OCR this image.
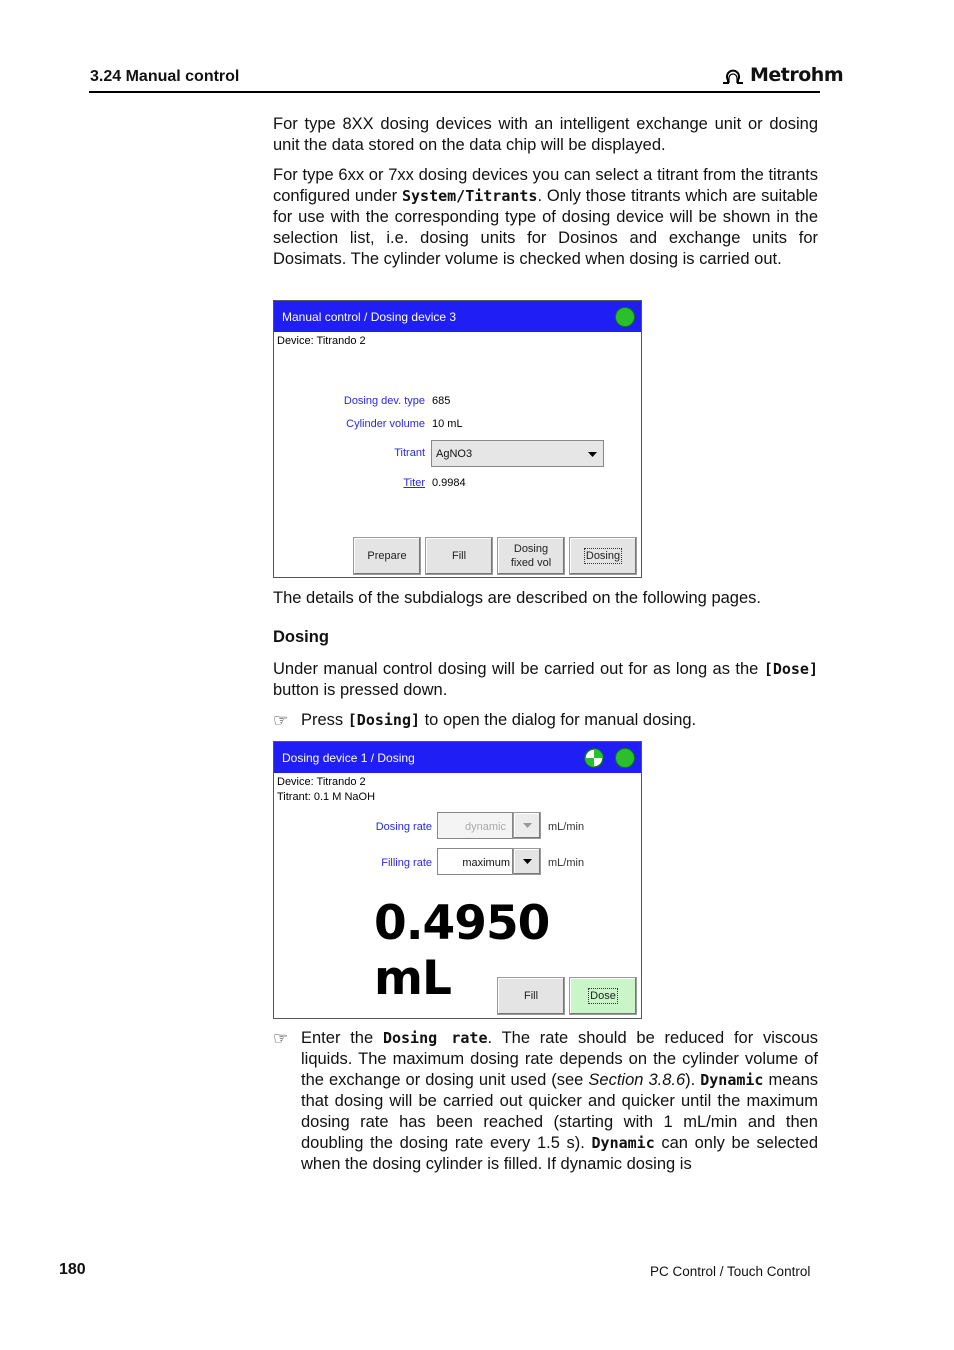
3.24 Manual control	Metrohm
For type 8XX dosing devices with an intelligent exchange unit or dosing unit the data stored on the data chip will be displayed.
For type 6xx or 7xx dosing devices you can select a titrant from the titrants configured under System/Titrants. Only those titrants which are suitable for use with the corresponding type of dosing device will be shown in the selection list, i.e. dosing units for Dosinos and exchange units for Dosimats. The cylinder volume is checked when dosing is carried out.
Manual control / Dosing device 3
Device: Titrando 2
Dosing dev. type 685
Cylinder volume 10 mL
Titrant AgNO3
Titer 0.9984
Prepare	Fill
Dosing
fixed vol
Dosing
The details of the subdialogs are described on the following pages.
Dosing
Under manual control dosing will be carried out for as long as the [Dose] button is pressed down.
☞ Press [Dosing] to open the dialog for manual dosing.
Dosing device 1 / Dosing
Device: Titrando 2
Titrant: 0.1 M NaOH
Dosing rate	dynamic	mL/min
Filling rate	maximum	mL/min
0.4950 mL	Fill	Dose
☞ Enter the Dosing rate. The rate should be reduced for viscous liquids. The maximum dosing rate depends on the cylinder volume of the exchange or dosing unit used (see Section 3.8.6). Dynamic means that dosing will be carried out quicker and quicker until the maximum dosing rate has been reached (starting with 1 mL/min and then doubling the dosing rate every 1.5 s). Dynamic can only be selected when the dosing cylinder is filled. If dynamic dosing is
180	PC Control / Touch Control
